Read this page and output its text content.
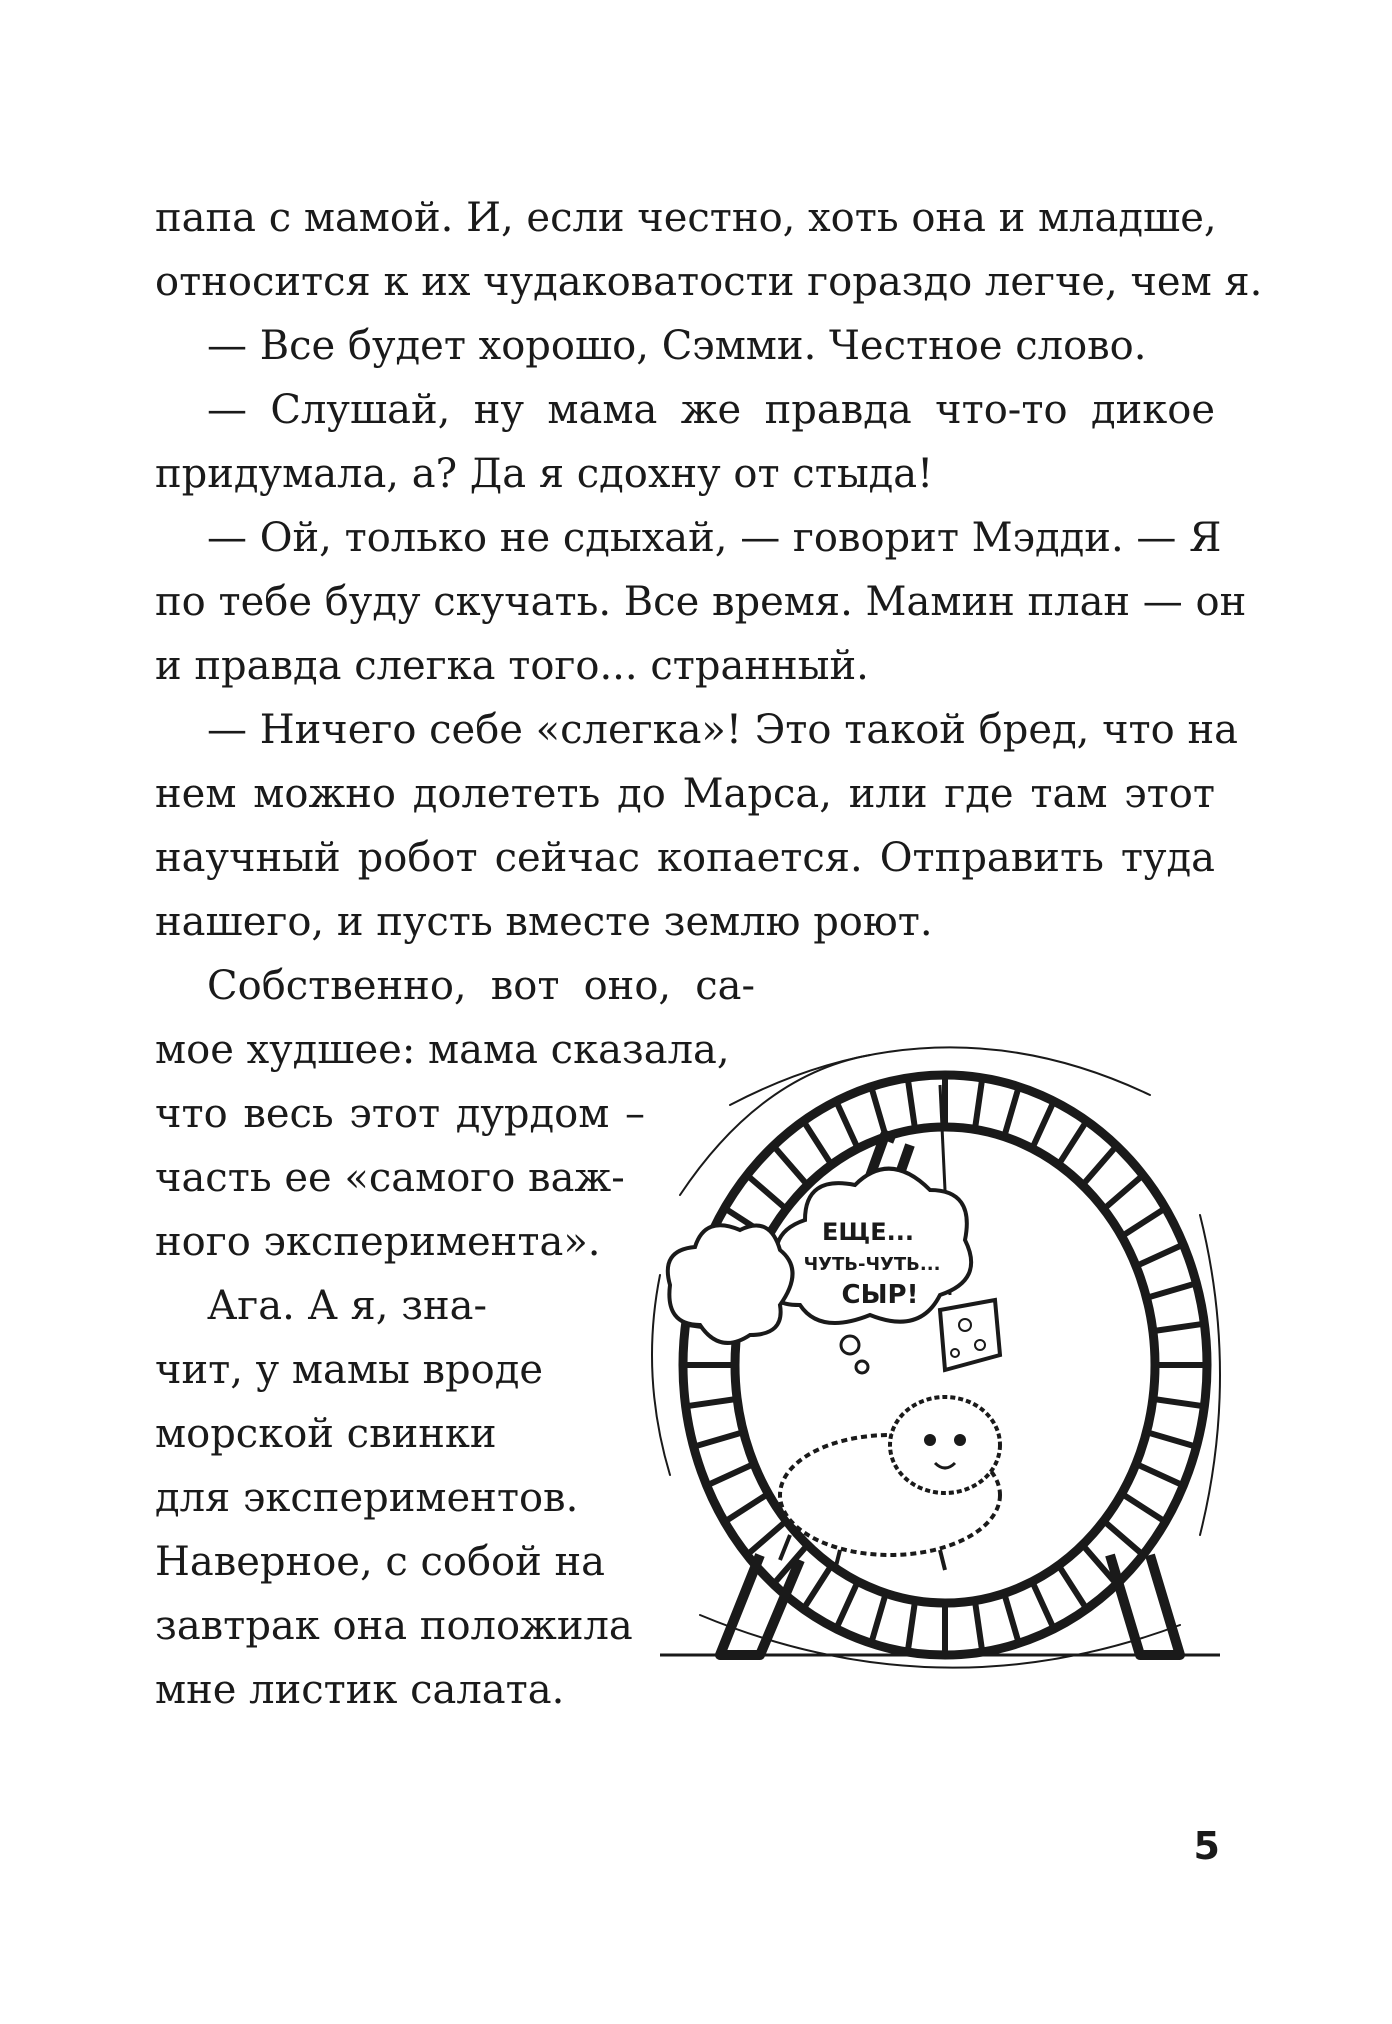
папа с мамой. И, если честно, хоть она и младше,
относится к их чудаковатости гораздо легче, чем я.
— Все будет хорошо, Сэмми. Честное слово.
— Слушай, ну мама же правда что-то дикое
придумала, а? Да я сдохну от стыда!
— Ой, только не сдыхай, — говорит Мэдди. — Я
по тебе буду скучать. Все время. Мамин план — он
и правда слегка того... странный.
— Ничего себе «слегка»! Это такой бред, что на
нем можно долететь до Марса, или где там этот
научный робот сейчас копается. Отправить туда
нашего, и пусть вместе землю роют.
Собственно, вот оно, са-
мое худшее: мама сказала,
что весь этот дурдом –
часть ее «самого важ-
ного эксперимента».
Ага. А я, зна-
чит, у мамы вроде
морской свинки
для экспериментов.
Наверное, с собой на
завтрак она положила
мне листик салата.
ЕЩЕ...
ЧУТЬ-ЧУТЬ...
СЫР!
5
